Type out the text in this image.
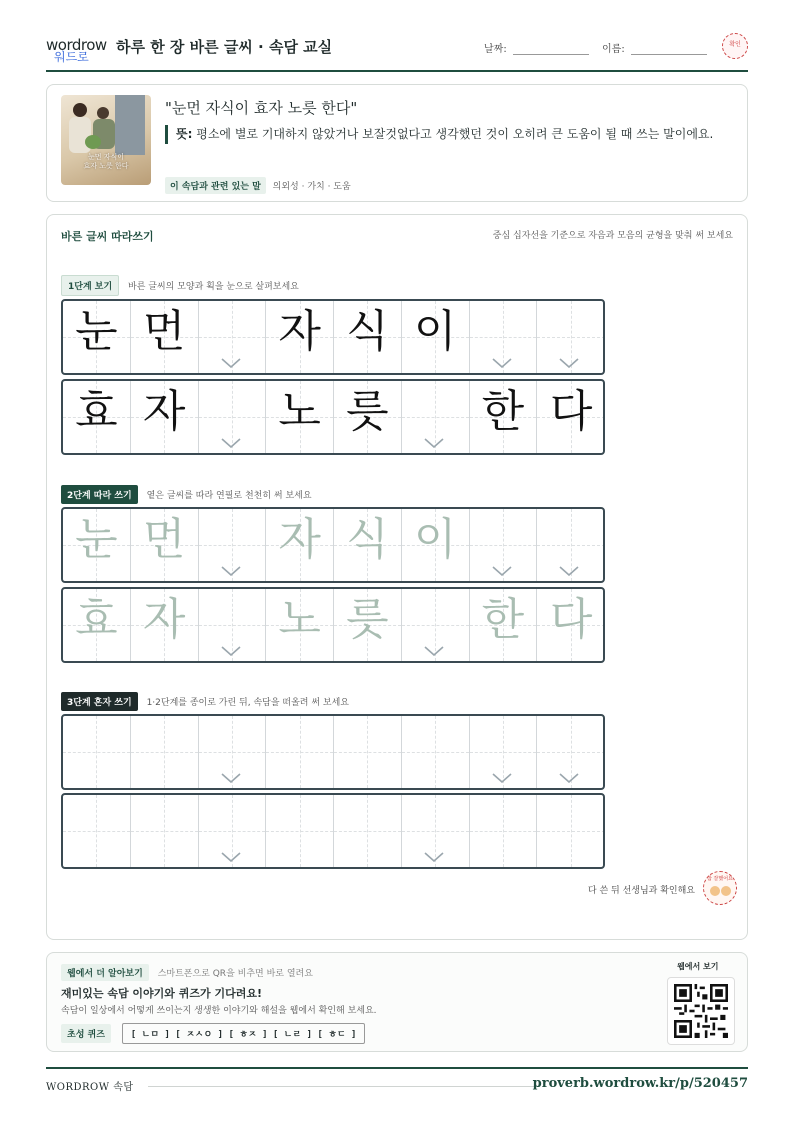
wordrow
워드로
하루 한 장 바른 글씨 · 속담 교실	날짜:	이름:	확인
눈먼 자식이
효자 노릇 한다
"눈먼 자식이 효자 노릇 한다"
뜻: 평소에 별로 기대하지 않았거나 보잘것없다고 생각했던 것이 오히려 큰 도움이 될 때 쓰는 말이에요.
이 속담과 관련 있는 말 의외성 · 가치 · 도움
바른 글씨 따라쓰기	중심 십자선을 기준으로 자음과 모음의 균형을 맞춰 써 보세요
1단계 보기 바른 글씨의 모양과 획을 눈으로 살펴보세요
눈 먼 자 식 이
효 자 노 릇 한 다
2단계 따라 쓰기 옅은 글씨를 따라 연필로 천천히 써 보세요
눈 먼 자 식 이
효 자 노 릇 한 다
3단계 혼자 쓰기 1·2단계를 종이로 가린 뒤, 속담을 떠올려 써 보세요
다 쓴 뒤 선생님과 확인해요
참 잘했어요
웹에서 더 알아보기 스마트폰으로 QR을 비추면 바로 열려요
재미있는 속담 이야기와 퀴즈가 기다려요!
속담이 일상에서 어떻게 쓰이는지 생생한 이야기와 해설을 웹에서 확인해 보세요.
초성 퀴즈	[ ㄴㅁ ] [ ㅈㅅㅇ ] [ ㅎㅈ ] [ ㄴㄹ ] [ ㅎㄷ ]
웹에서 보기
WORDROW 속담	proverb.wordrow.kr/p/520457
